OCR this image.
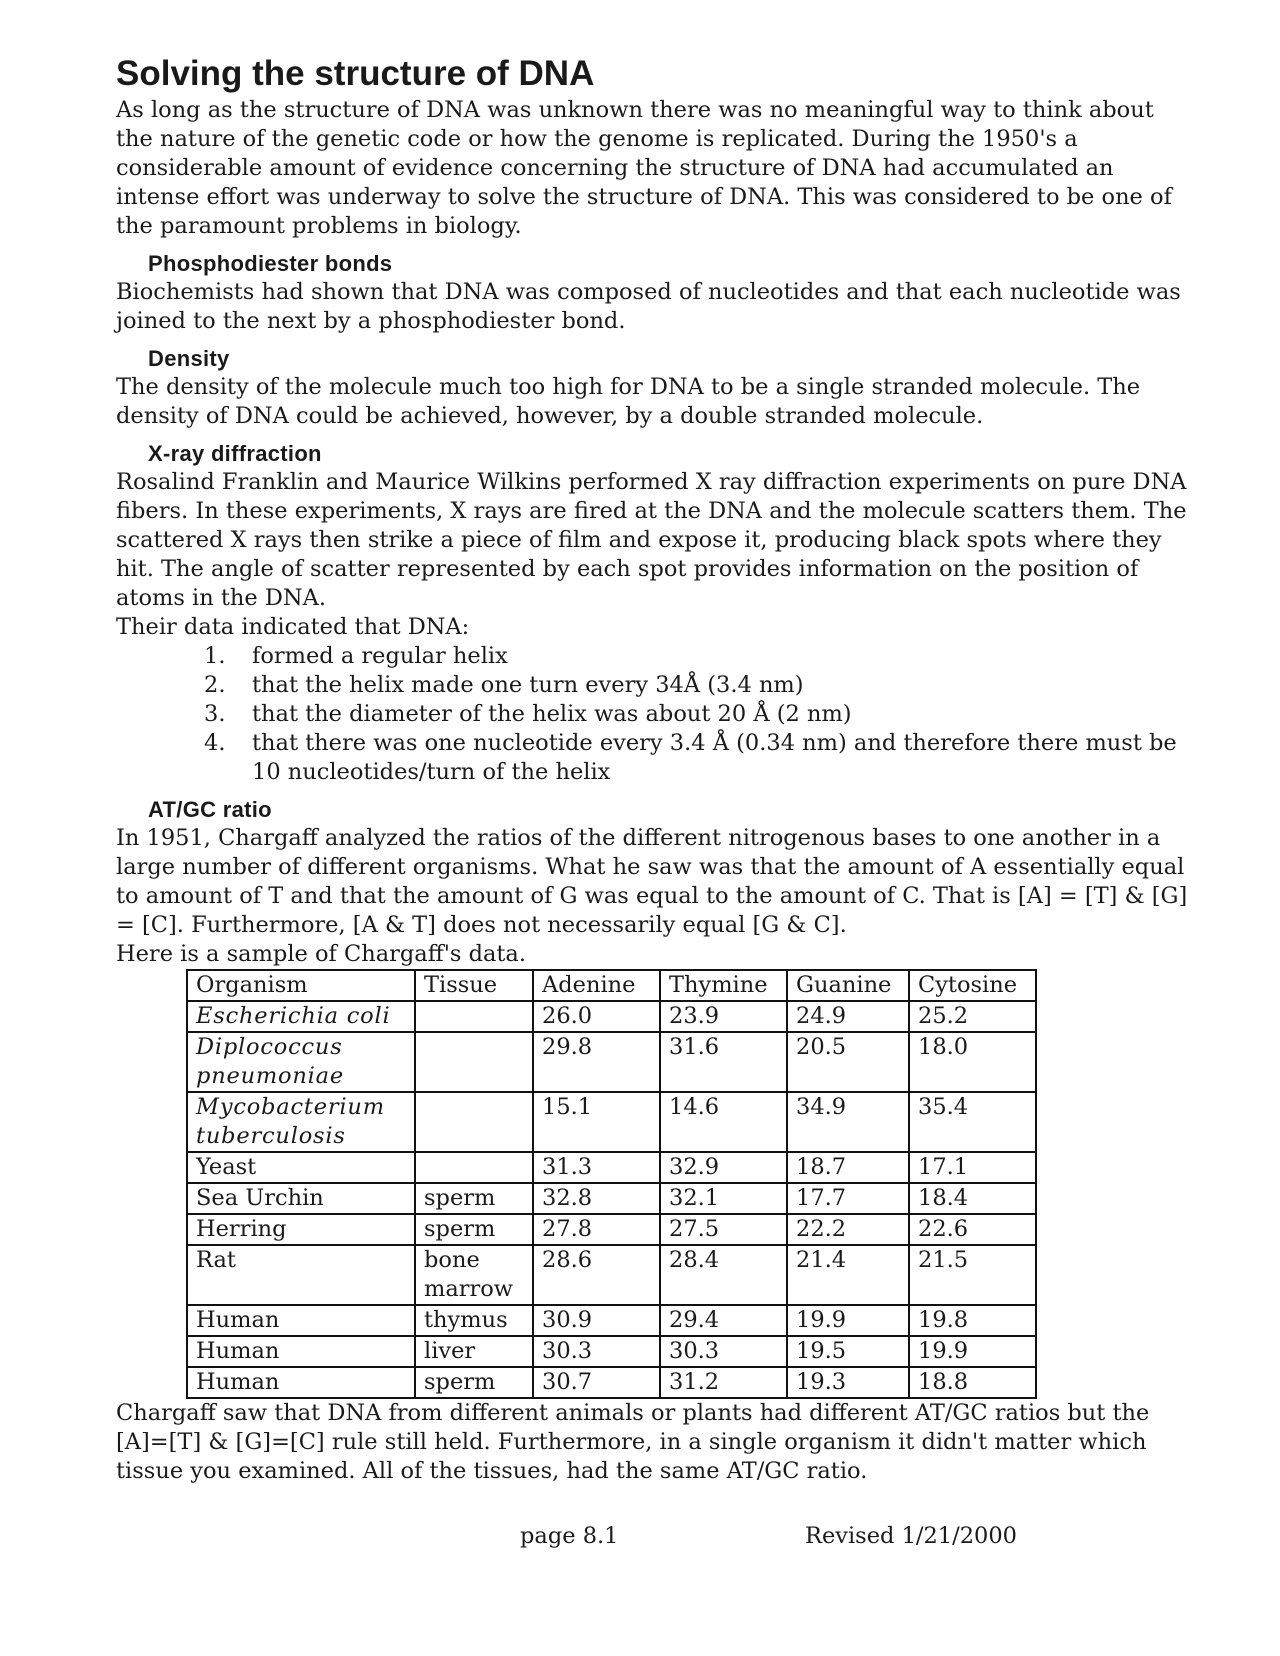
Solving the structure of DNA

As long as the structure of DNA was unknown there was no meaningful way to think about the nature of the genetic code or how the genome is replicated. During the 1950's a considerable amount of evidence concerning the structure of DNA had accumulated an intense effort was underway to solve the structure of DNA. This was considered to be one of the paramount problems in biology.

Phosphodiester bonds

Biochemists had shown that DNA was composed of nucleotides and that each nucleotide was joined to the next by a phosphodiester bond.

Density

The density of the molecule much too high for DNA to be a single stranded molecule. The density of DNA could be achieved, however, by a double stranded molecule.

X-ray diffraction

Rosalind Franklin and Maurice Wilkins performed X ray diffraction experiments on pure DNA fibers. In these experiments, X rays are fired at the DNA and the molecule scatters them. The scattered X rays then strike a piece of film and expose it, producing black spots where they hit. The angle of scatter represented by each spot provides information on the position of atoms in the DNA.

Their data indicated that DNA:

1.	formed a regular helix
2.	that the helix made one turn every 34Å (3.4 nm)
3.	that the diameter of the helix was about 20 Å (2 nm)
4.	that there was one nucleotide every 3.4 Å (0.34 nm) and therefore there must be 10 nucleotides/turn of the helix
AT/GC ratio

In 1951, Chargaff analyzed the ratios of the different nitrogenous bases to one another in a large number of different organisms. What he saw was that the amount of A essentially equal to amount of T and that the amount of G was equal to the amount of C. That is [A] = [T] & [G] = [C]. Furthermore, [A & T] does not necessarily equal [G & C].

Here is a sample of Chargaff's data.

Organism	Tissue	Adenine	Thymine	Guanine	Cytosine
Escherichia coli		26.0	23.9	24.9	25.2
Diplococcus pneumoniae		29.8	31.6	20.5	18.0
Mycobacterium tuberculosis		15.1	14.6	34.9	35.4
Yeast		31.3	32.9	18.7	17.1
Sea Urchin	sperm	32.8	32.1	17.7	18.4
Herring	sperm	27.8	27.5	22.2	22.6
Rat	bone marrow	28.6	28.4	21.4	21.5
Human	thymus	30.9	29.4	19.9	19.8
Human	liver	30.3	30.3	19.5	19.9
Human	sperm	30.7	31.2	19.3	18.8

Chargaff saw that DNA from different animals or plants had different AT/GC ratios but the [A]=[T] & [G]=[C] rule still held. Furthermore, in a single organism it didn't matter which tissue you examined. All of the tissues, had the same AT/GC ratio.

page 8.1	Revised 1/21/2000
